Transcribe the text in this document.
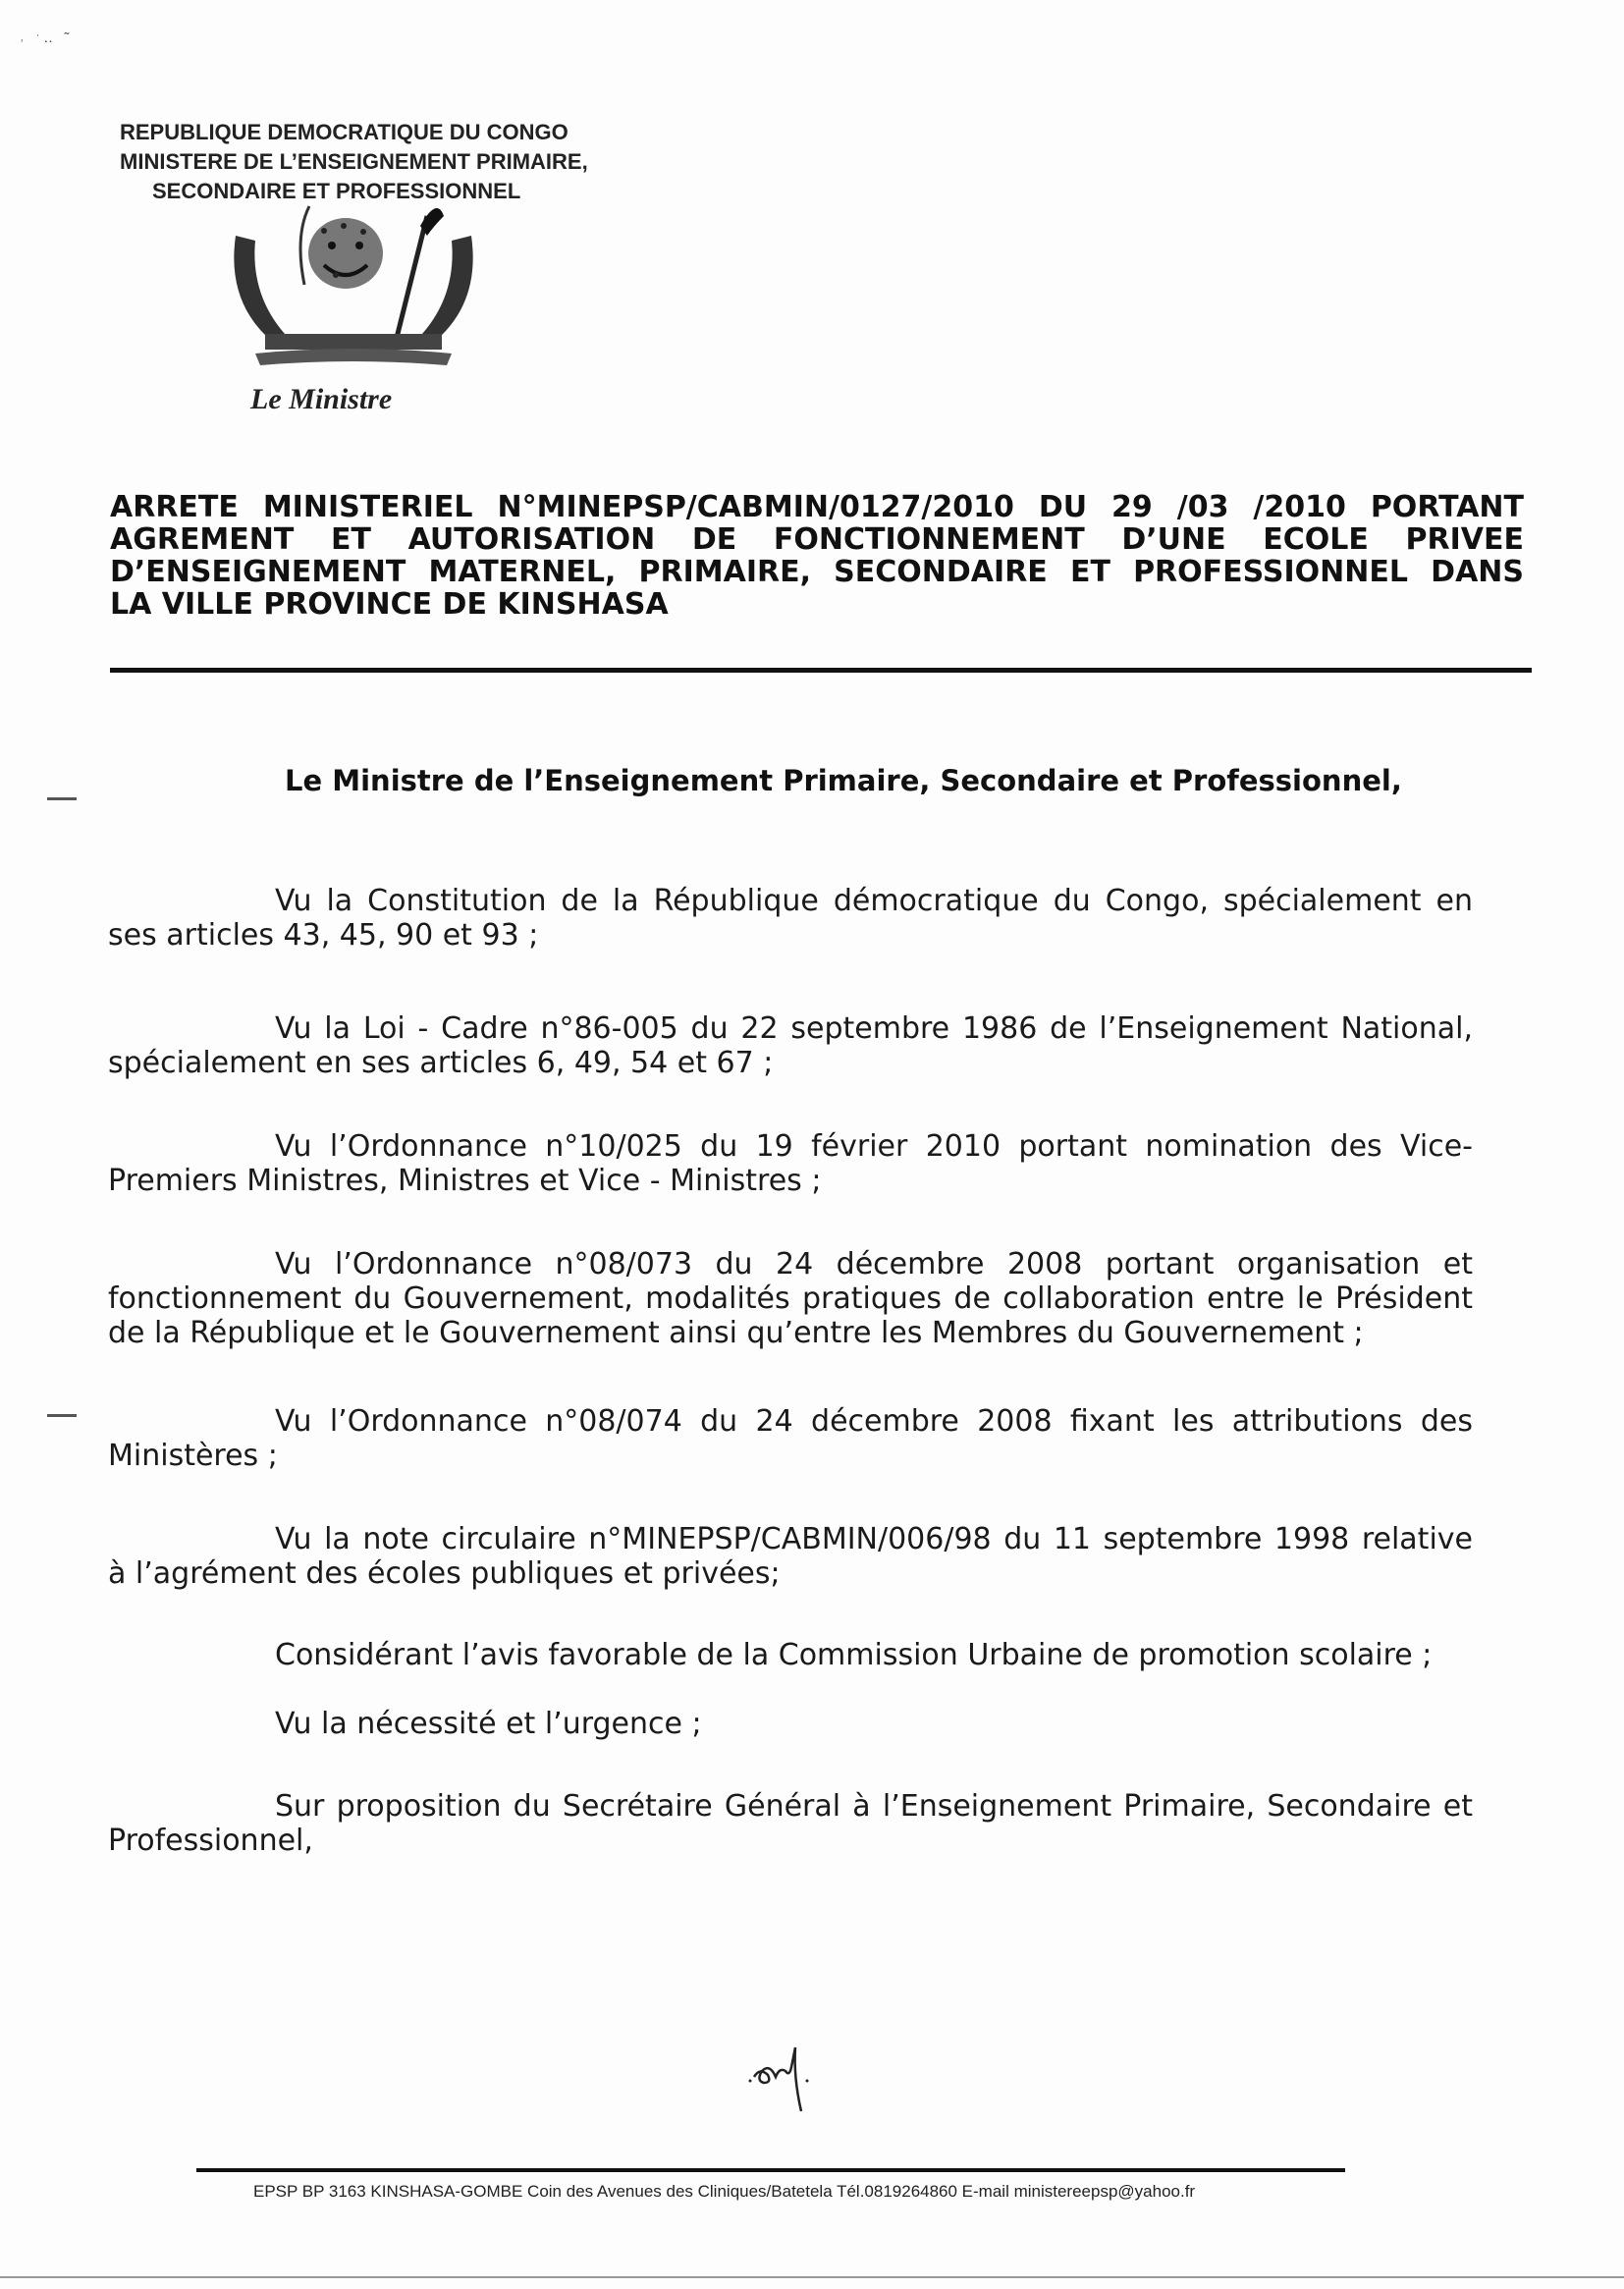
˒ ˑ‥ ˜
REPUBLIQUE DEMOCRATIQUE DU CONGO
MINISTERE DE L’ENSEIGNEMENT PRIMAIRE,
SECONDAIRE ET PROFESSIONNEL
Le Ministre
ARRETE MINISTERIEL N°MINEPSP/CABMIN/0127/2010 DU 29 /03 /2010 PORTANT
AGREMENT ET AUTORISATION DE FONCTIONNEMENT D’UNE ECOLE PRIVEE
D’ENSEIGNEMENT MATERNEL, PRIMAIRE, SECONDAIRE ET PROFESSIONNEL DANS
LA VILLE PROVINCE DE KINSHASA
Le Ministre de l’Enseignement Primaire, Secondaire et Professionnel,

Vu la Constitution de la République démocratique du Congo, spécialement en ses articles 43, 45, 90 et 93 ;

Vu la Loi - Cadre n°86-005 du 22 septembre 1986 de l’Enseignement National, spécialement en ses articles 6, 49, 54 et 67 ;

Vu l’Ordonnance n°10/025 du 19 février 2010 portant nomination des Vice-Premiers Ministres, Ministres et Vice - Ministres ;

Vu l’Ordonnance n°08/073 du 24 décembre 2008 portant organisation et fonctionnement du Gouvernement, modalités pratiques de collaboration entre le Président de la République et le Gouvernement ainsi qu’entre les Membres du Gouvernement ;

Vu l’Ordonnance n°08/074 du 24 décembre 2008 fixant les attributions des Ministères ;

Vu la note circulaire n°MINEPSP/CABMIN/006/98 du 11 septembre 1998 relative à l’agrément des écoles publiques et privées;

Considérant l’avis favorable de la Commission Urbaine de promotion scolaire ;

Vu la nécessité et l’urgence ;

Sur proposition du Secrétaire Général à l’Enseignement Primaire, Secondaire et Professionnel,

EPSP BP 3163 KINSHASA-GOMBE Coin des Avenues des Cliniques/Batetela Tél.0819264860 E-mail ministereepsp@yahoo.fr
